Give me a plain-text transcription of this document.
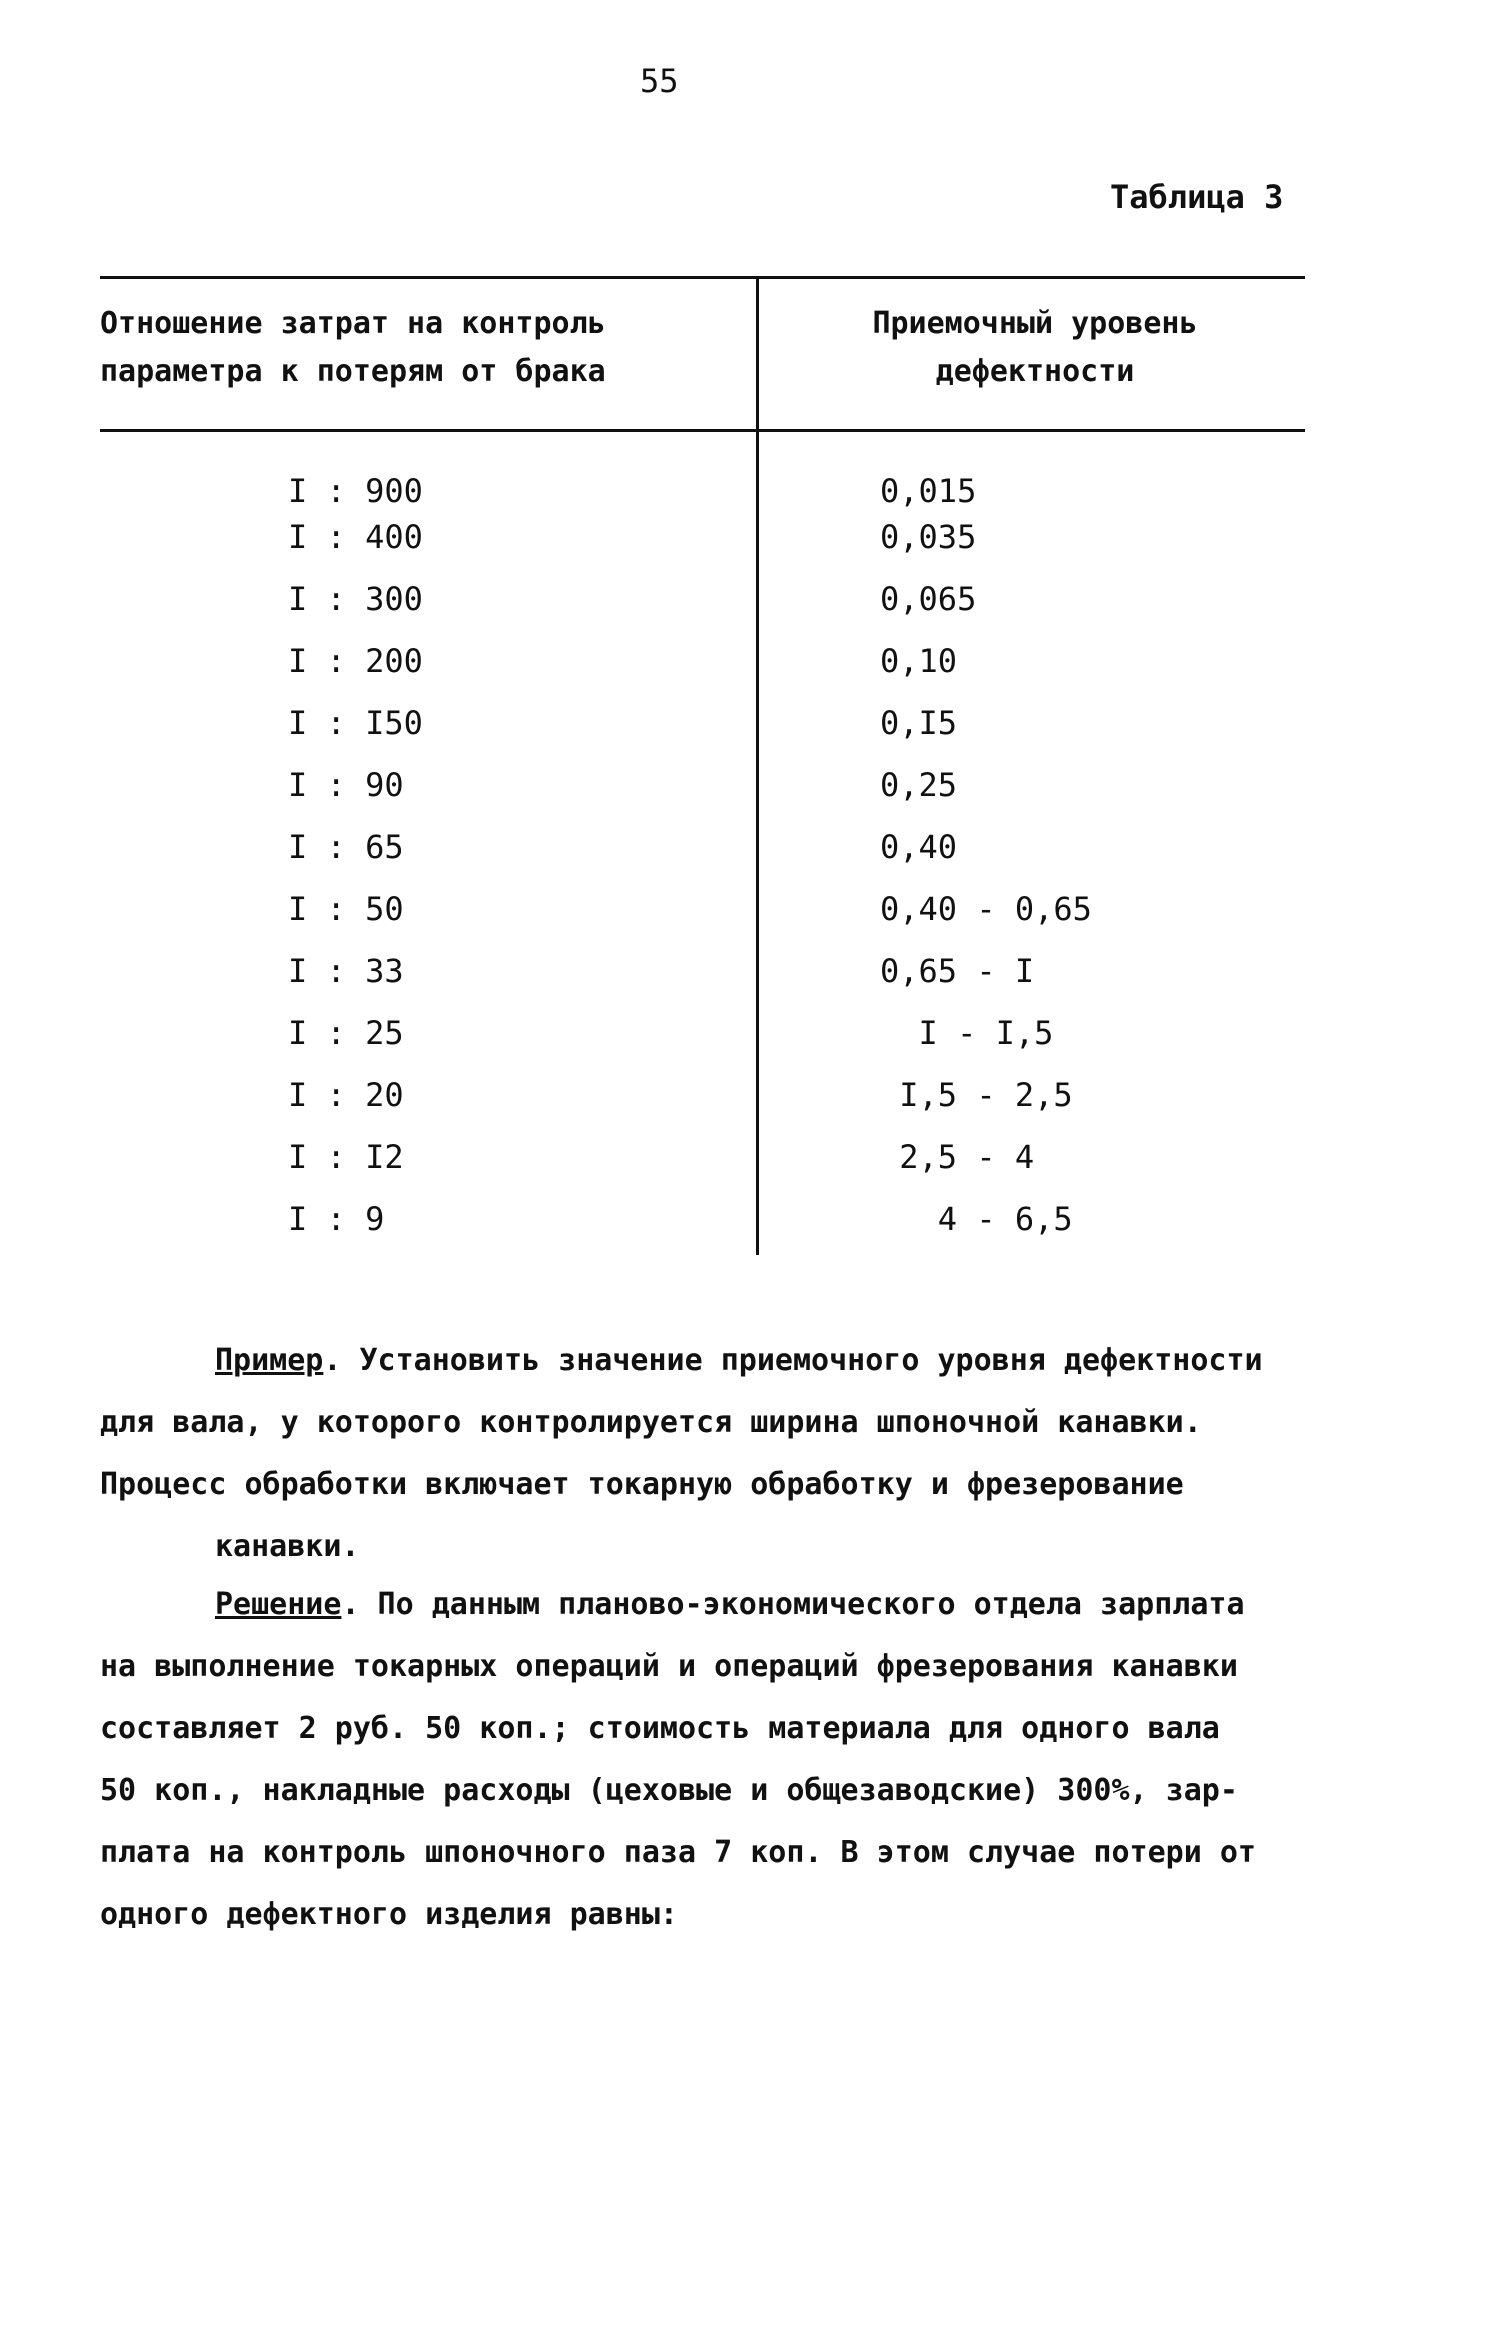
55
Таблица 3
Отношение затрат на контроль параметра к потерям от брака
Приемочный уровень дефектности
I : 900
I : 400
I : 300
I : 200
I : I50
I : 90
I : 65
I : 50
I : 33
I : 25
I : 20
I : I2
I : 9
0,015
0,035
0,065
0,10
0,I5
0,25
0,40
0,40 - 0,65
0,65 - I
I - I,5
I,5 - 2,5
2,5 - 4
4 - 6,5

Пример. Установить значение приемочного уровня дефектности

для вала, у которого контролируется ширина шпоночной канавки.

Процесс обработки включает токарную обработку и фрезерование

канавки.

Решение. По данным планово-экономического отдела зарплата

на выполнение токарных операций и операций фрезерования канавки

составляет 2 руб. 50 коп.; стоимость материала для одного вала

50 коп., накладные расходы (цеховые и общезаводские) 300%, зар-

плата на контроль шпоночного паза 7 коп. В этом случае потери от

одного дефектного изделия равны:
